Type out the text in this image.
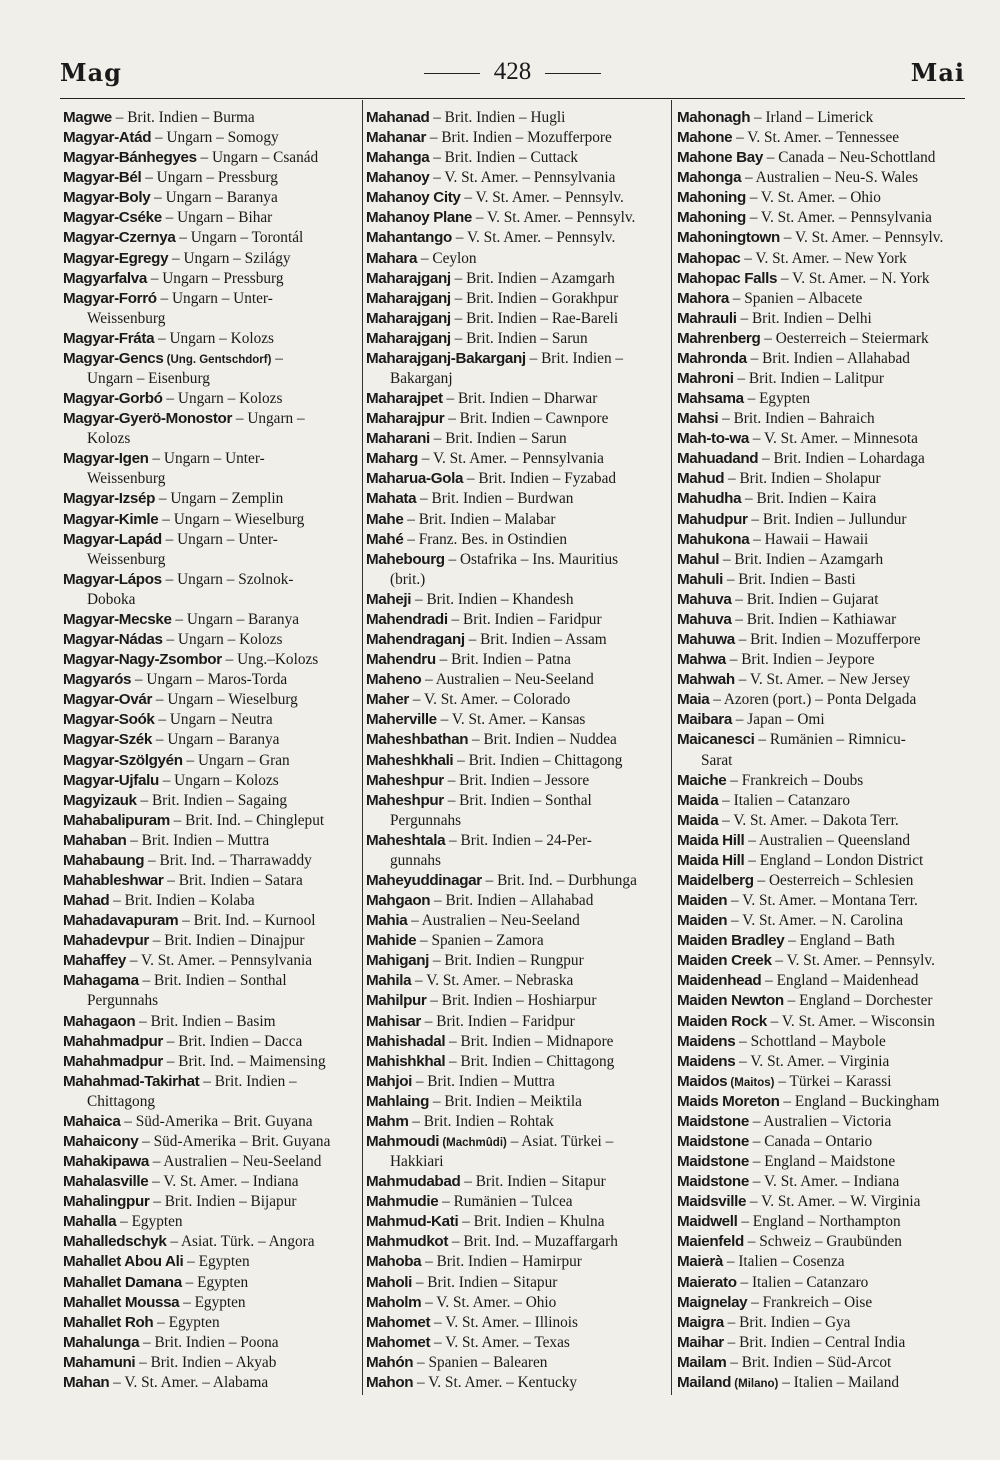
Mag	428	Mai
Magwe – Brit. Indien – Burma
Magyar-Atád – Ungarn – Somogy
Magyar-Bánhegyes – Ungarn – Csanád
Magyar-Bél – Ungarn – Pressburg
Magyar-Boly – Ungarn – Baranya
Magyar-Cséke – Ungarn – Bihar
Magyar-Czernya – Ungarn – Torontál
Magyar-Egregy – Ungarn – Szilágy
Magyarfalva – Ungarn – Pressburg
Magyar-Forró – Ungarn – Unter-
Weissenburg
Magyar-Fráta – Ungarn – Kolozs
Magyar-Gencs (Ung. Gentschdorf) –
Ungarn – Eisenburg
Magyar-Gorbó – Ungarn – Kolozs
Magyar-Gyerö-Monostor – Ungarn –
Kolozs
Magyar-Igen – Ungarn – Unter-
Weissenburg
Magyar-Izsép – Ungarn – Zemplin
Magyar-Kimle – Ungarn – Wieselburg
Magyar-Lapád – Ungarn – Unter-
Weissenburg
Magyar-Lápos – Ungarn – Szolnok-
Doboka
Magyar-Mecske – Ungarn – Baranya
Magyar-Nádas – Ungarn – Kolozs
Magyar-Nagy-Zsombor – Ung.–Kolozs
Magyarós – Ungarn – Maros-Torda
Magyar-Ovár – Ungarn – Wieselburg
Magyar-Soók – Ungarn – Neutra
Magyar-Szék – Ungarn – Baranya
Magyar-Szölgyén – Ungarn – Gran
Magyar-Ujfalu – Ungarn – Kolozs
Magyizauk – Brit. Indien – Sagaing
Mahabalipuram – Brit. Ind. – Chingleput
Mahaban – Brit. Indien – Muttra
Mahabaung – Brit. Ind. – Tharrawaddy
Mahableshwar – Brit. Indien – Satara
Mahad – Brit. Indien – Kolaba
Mahadavapuram – Brit. Ind. – Kurnool
Mahadevpur – Brit. Indien – Dinajpur
Mahaffey – V. St. Amer. – Pennsylvania
Mahagama – Brit. Indien – Sonthal
Pergunnahs
Mahagaon – Brit. Indien – Basim
Mahahmadpur – Brit. Indien – Dacca
Mahahmadpur – Brit. Ind. – Maimensing
Mahahmad-Takirhat – Brit. Indien –
Chittagong
Mahaica – Süd-Amerika – Brit. Guyana
Mahaicony – Süd-Amerika – Brit. Guyana
Mahakipawa – Australien – Neu-Seeland
Mahalasville – V. St. Amer. – Indiana
Mahalingpur – Brit. Indien – Bijapur
Mahalla – Egypten
Mahalledschyk – Asiat. Türk. – Angora
Mahallet Abou Ali – Egypten
Mahallet Damana – Egypten
Mahallet Moussa – Egypten
Mahallet Roh – Egypten
Mahalunga – Brit. Indien – Poona
Mahamuni – Brit. Indien – Akyab
Mahan – V. St. Amer. – Alabama
Mahanad – Brit. Indien – Hugli
Mahanar – Brit. Indien – Mozufferpore
Mahanga – Brit. Indien – Cuttack
Mahanoy – V. St. Amer. – Pennsylvania
Mahanoy City – V. St. Amer. – Pennsylv.
Mahanoy Plane – V. St. Amer. – Pennsylv.
Mahantango – V. St. Amer. – Pennsylv.
Mahara – Ceylon
Maharajganj – Brit. Indien – Azamgarh
Maharajganj – Brit. Indien – Gorakhpur
Maharajganj – Brit. Indien – Rae-Bareli
Maharajganj – Brit. Indien – Sarun
Maharajganj-Bakarganj – Brit. Indien –
Bakarganj
Maharajpet – Brit. Indien – Dharwar
Maharajpur – Brit. Indien – Cawnpore
Maharani – Brit. Indien – Sarun
Maharg – V. St. Amer. – Pennsylvania
Maharua-Gola – Brit. Indien – Fyzabad
Mahata – Brit. Indien – Burdwan
Mahe – Brit. Indien – Malabar
Mahé – Franz. Bes. in Ostindien
Mahebourg – Ostafrika – Ins. Mauritius
(brit.)
Maheji – Brit. Indien – Khandesh
Mahendradi – Brit. Indien – Faridpur
Mahendraganj – Brit. Indien – Assam
Mahendru – Brit. Indien – Patna
Maheno – Australien – Neu-Seeland
Maher – V. St. Amer. – Colorado
Maherville – V. St. Amer. – Kansas
Maheshbathan – Brit. Indien – Nuddea
Maheshkhali – Brit. Indien – Chittagong
Maheshpur – Brit. Indien – Jessore
Maheshpur – Brit. Indien – Sonthal
Pergunnahs
Maheshtala – Brit. Indien – 24-Per-
gunnahs
Maheyuddinagar – Brit. Ind. – Durbhunga
Mahgaon – Brit. Indien – Allahabad
Mahia – Australien – Neu-Seeland
Mahide – Spanien – Zamora
Mahiganj – Brit. Indien – Rungpur
Mahila – V. St. Amer. – Nebraska
Mahilpur – Brit. Indien – Hoshiarpur
Mahisar – Brit. Indien – Faridpur
Mahishadal – Brit. Indien – Midnapore
Mahishkhal – Brit. Indien – Chittagong
Mahjoi – Brit. Indien – Muttra
Mahlaing – Brit. Indien – Meiktila
Mahm – Brit. Indien – Rohtak
Mahmoudi (Machmûdi) – Asiat. Türkei –
Hakkiari
Mahmudabad – Brit. Indien – Sitapur
Mahmudie – Rumänien – Tulcea
Mahmud-Kati – Brit. Indien – Khulna
Mahmudkot – Brit. Ind. – Muzaffargarh
Mahoba – Brit. Indien – Hamirpur
Maholi – Brit. Indien – Sitapur
Maholm – V. St. Amer. – Ohio
Mahomet – V. St. Amer. – Illinois
Mahomet – V. St. Amer. – Texas
Mahón – Spanien – Balearen
Mahon – V. St. Amer. – Kentucky
Mahonagh – Irland – Limerick
Mahone – V. St. Amer. – Tennessee
Mahone Bay – Canada – Neu-Schottland
Mahonga – Australien – Neu-S. Wales
Mahoning – V. St. Amer. – Ohio
Mahoning – V. St. Amer. – Pennsylvania
Mahoningtown – V. St. Amer. – Pennsylv.
Mahopac – V. St. Amer. – New York
Mahopac Falls – V. St. Amer. – N. York
Mahora – Spanien – Albacete
Mahrauli – Brit. Indien – Delhi
Mahrenberg – Oesterreich – Steiermark
Mahronda – Brit. Indien – Allahabad
Mahroni – Brit. Indien – Lalitpur
Mahsama – Egypten
Mahsi – Brit. Indien – Bahraich
Mah-to-wa – V. St. Amer. – Minnesota
Mahuadand – Brit. Indien – Lohardaga
Mahud – Brit. Indien – Sholapur
Mahudha – Brit. Indien – Kaira
Mahudpur – Brit. Indien – Jullundur
Mahukona – Hawaii – Hawaii
Mahul – Brit. Indien – Azamgarh
Mahuli – Brit. Indien – Basti
Mahuva – Brit. Indien – Gujarat
Mahuva – Brit. Indien – Kathiawar
Mahuwa – Brit. Indien – Mozufferpore
Mahwa – Brit. Indien – Jeypore
Mahwah – V. St. Amer. – New Jersey
Maia – Azoren (port.) – Ponta Delgada
Maibara – Japan – Omi
Maicanesci – Rumänien – Rimnicu-
Sarat
Maiche – Frankreich – Doubs
Maida – Italien – Catanzaro
Maida – V. St. Amer. – Dakota Terr.
Maida Hill – Australien – Queensland
Maida Hill – England – London District
Maidelberg – Oesterreich – Schlesien
Maiden – V. St. Amer. – Montana Terr.
Maiden – V. St. Amer. – N. Carolina
Maiden Bradley – England – Bath
Maiden Creek – V. St. Amer. – Pennsylv.
Maidenhead – England – Maidenhead
Maiden Newton – England – Dorchester
Maiden Rock – V. St. Amer. – Wisconsin
Maidens – Schottland – Maybole
Maidens – V. St. Amer. – Virginia
Maidos (Maitos) – Türkei – Karassi
Maids Moreton – England – Buckingham
Maidstone – Australien – Victoria
Maidstone – Canada – Ontario
Maidstone – England – Maidstone
Maidstone – V. St. Amer. – Indiana
Maidsville – V. St. Amer. – W. Virginia
Maidwell – England – Northampton
Maienfeld – Schweiz – Graubünden
Maierà – Italien – Cosenza
Maierato – Italien – Catanzaro
Maignelay – Frankreich – Oise
Maigra – Brit. Indien – Gya
Maihar – Brit. Indien – Central India
Mailam – Brit. Indien – Süd-Arcot
Mailand (Milano) – Italien – Mailand
